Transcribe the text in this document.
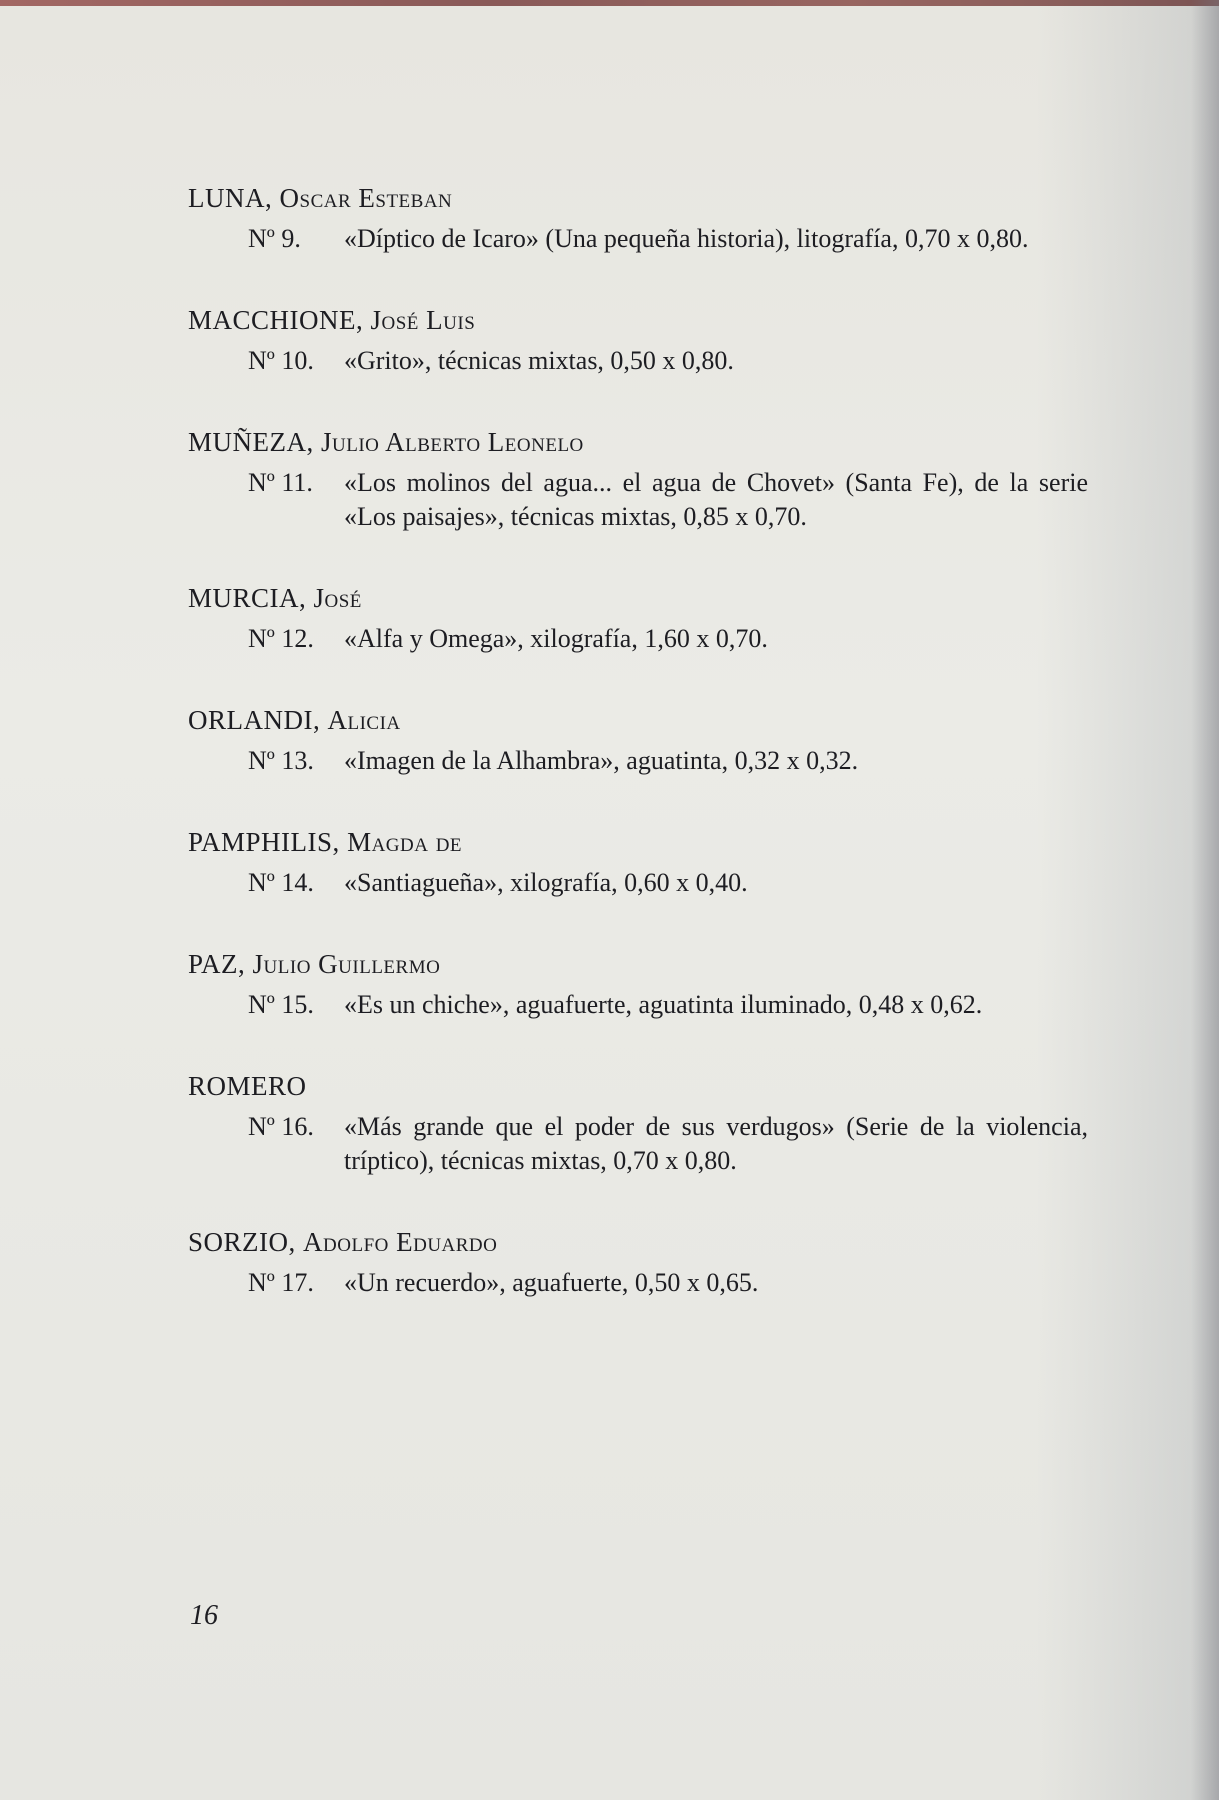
LUNA, Oscar Esteban
Nº 9.	«Díptico de Icaro» (Una pequeña historia), litografía, 0,70 x 0,80.
MACCHIONE, José Luis
Nº 10.	«Grito», técnicas mixtas, 0,50 x 0,80.
MUÑEZA, Julio Alberto Leonelo
Nº 11.	«Los molinos del agua... el agua de Chovet» (Santa Fe), de la serie «Los paisajes», técnicas mixtas, 0,85 x 0,70.
MURCIA, José
Nº 12.	«Alfa y Omega», xilografía, 1,60 x 0,70.
ORLANDI, Alicia
Nº 13.	«Imagen de la Alhambra», aguatinta, 0,32 x 0,32.
PAMPHILIS, Magda de
Nº 14.	«Santiagueña», xilografía, 0,60 x 0,40.
PAZ, Julio Guillermo
Nº 15.	«Es un chiche», aguafuerte, aguatinta iluminado, 0,48 x 0,62.
ROMERO
Nº 16.	«Más grande que el poder de sus verdugos» (Serie de la violencia, tríptico), técnicas mixtas, 0,70 x 0,80.
SORZIO, Adolfo Eduardo
Nº 17.	«Un recuerdo», aguafuerte, 0,50 x 0,65.
16
